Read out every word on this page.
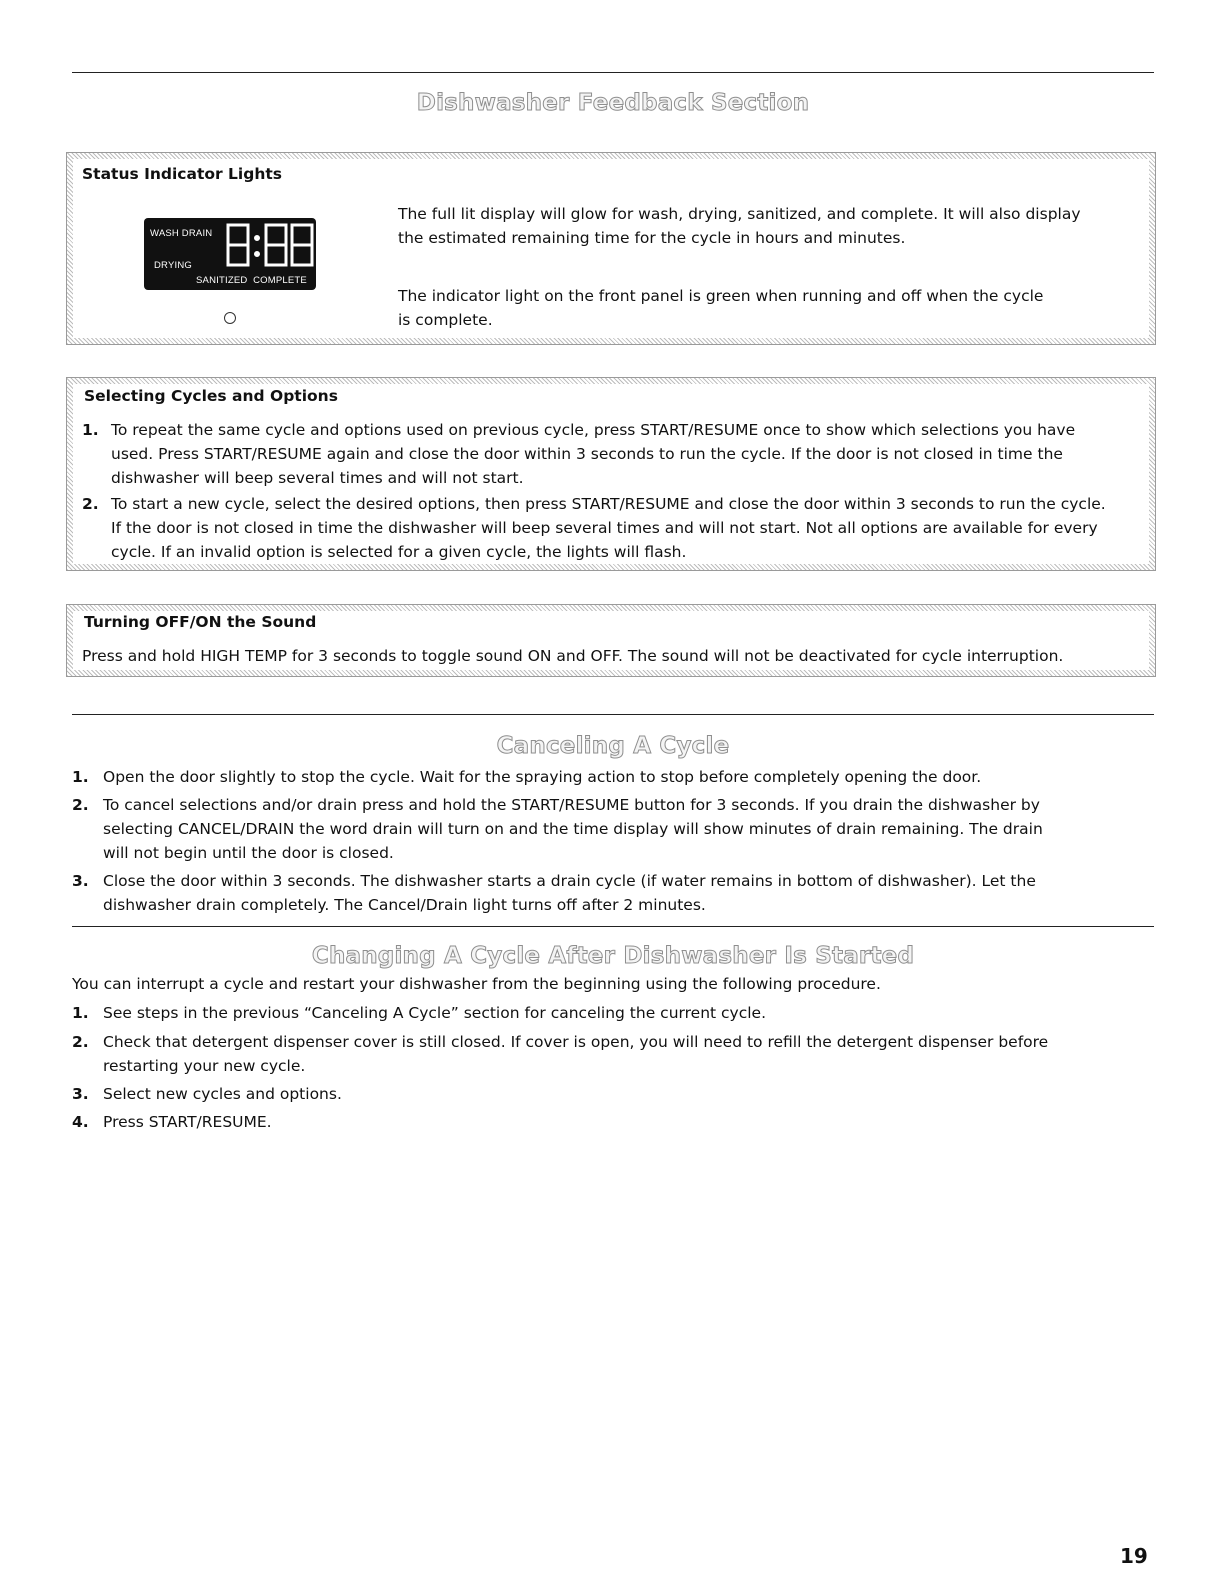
Dishwasher Feedback Section
Status Indicator Lights
WASH DRAIN
DRYING
SANITIZED  COMPLETE
The full lit display will glow for wash, drying, sanitized, and complete. It will also display
the estimated remaining time for the cycle in hours and minutes.
The indicator light on the front panel is green when running and off when the cycle
is complete.
Selecting Cycles and Options
1. To repeat the same cycle and options used on previous cycle, press START/RESUME once to show which selections you have
used. Press START/RESUME again and close the door within 3 seconds to run the cycle. If the door is not closed in time the
dishwasher will beep several times and will not start.
2. To start a new cycle, select the desired options, then press START/RESUME and close the door within 3 seconds to run the cycle.
If the door is not closed in time the dishwasher will beep several times and will not start. Not all options are available for every
cycle. If an invalid option is selected for a given cycle, the lights will flash.
Turning OFF/ON the Sound
Press and hold HIGH TEMP for 3 seconds to toggle sound ON and OFF. The sound will not be deactivated for cycle interruption.
Canceling A Cycle
1. Open the door slightly to stop the cycle. Wait for the spraying action to stop before completely opening the door.
2. To cancel selections and/or drain press and hold the START/RESUME button for 3 seconds. If you drain the dishwasher by
selecting CANCEL/DRAIN the word drain will turn on and the time display will show minutes of drain remaining. The drain
will not begin until the door is closed.
3. Close the door within 3 seconds. The dishwasher starts a drain cycle (if water remains in bottom of dishwasher). Let the
dishwasher drain completely. The Cancel/Drain light turns off after 2 minutes.
Changing A Cycle After Dishwasher Is Started
You can interrupt a cycle and restart your dishwasher from the beginning using the following procedure.
1. See steps in the previous “Canceling A Cycle” section for canceling the current cycle.
2. Check that detergent dispenser cover is still closed. If cover is open, you will need to refill the detergent dispenser before
restarting your new cycle.
3. Select new cycles and options.
4. Press START/RESUME.
19
